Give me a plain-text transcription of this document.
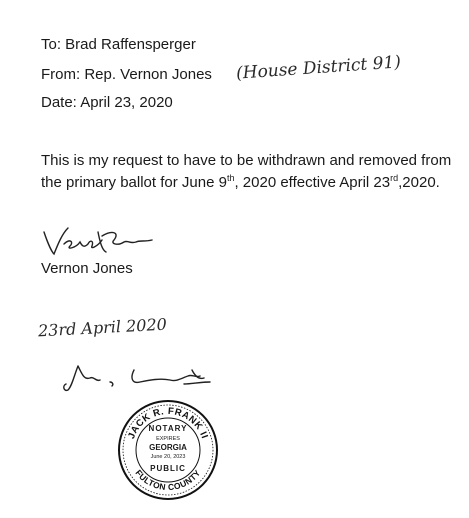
To: Brad Raffensperger
From: Rep. Vernon Jones (House District 91)
Date: April 23, 2020
This is my request to have to be withdrawn and removed from the primary ballot for June 9th, 2020 effective April 23rd,2020.
Vernon Jones
23rd April 2020
JACK R. FRANK II
FULTON COUNTY
NOTARY
EXPIRES
GEORGIA
June 20, 2023
PUBLIC
